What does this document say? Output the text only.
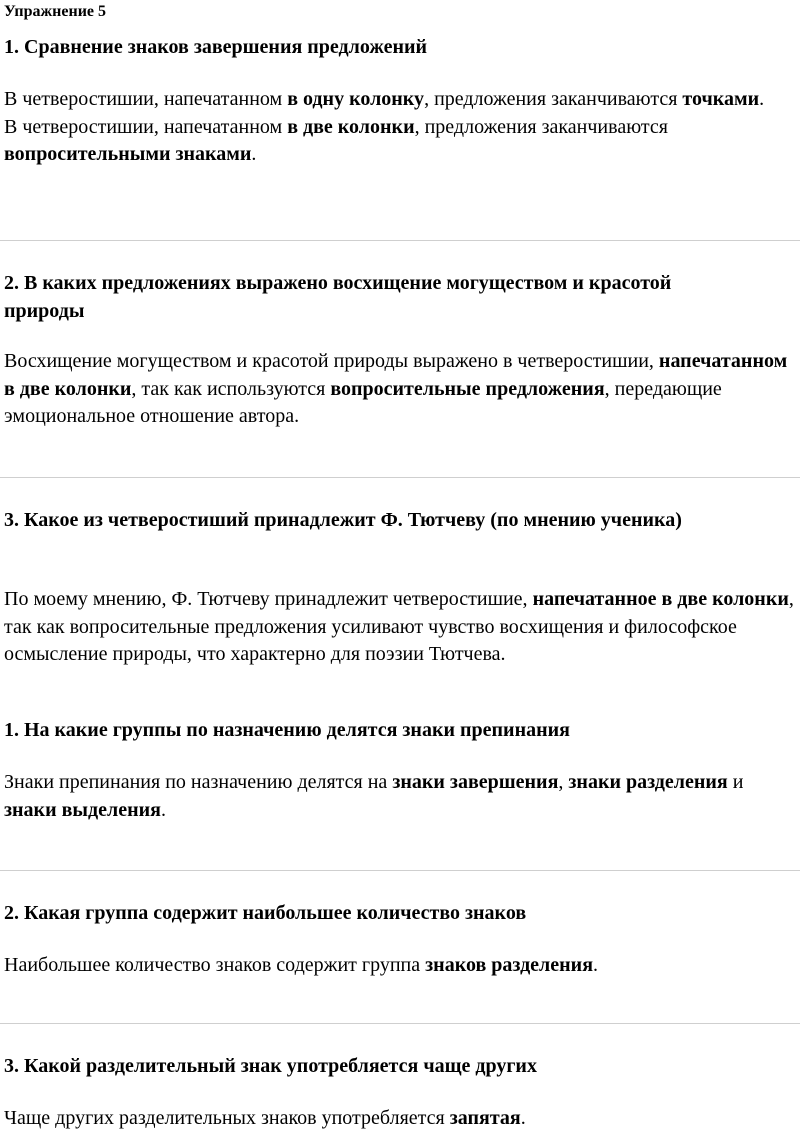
Упражнение 5
1. Сравнение знаков завершения предложений
В четверостишии, напечатанном в одну колонку, предложения заканчиваются точками.
В четверостишии, напечатанном в две колонки, предложения заканчиваются вопросительными знаками.
2. В каких предложениях выражено восхищение могуществом и красотой природы
Восхищение могуществом и красотой природы выражено в четверостишии, напечатанном в две колонки, так как используются вопросительные предложения, передающие эмоциональное отношение автора.
3. Какое из четверостиший принадлежит Ф. Тютчеву (по мнению ученика)
По моему мнению, Ф. Тютчеву принадлежит четверостишие, напечатанное в две колонки, так как вопросительные предложения усиливают чувство восхищения и философское осмысление природы, что характерно для поэзии Тютчева.
1. На какие группы по назначению делятся знаки препинания
Знаки препинания по назначению делятся на знаки завершения, знаки разделения и знаки выделения.
2. Какая группа содержит наибольшее количество знаков
Наибольшее количество знаков содержит группа знаков разделения.
3. Какой разделительный знак употребляется чаще других
Чаще других разделительных знаков употребляется запятая.
